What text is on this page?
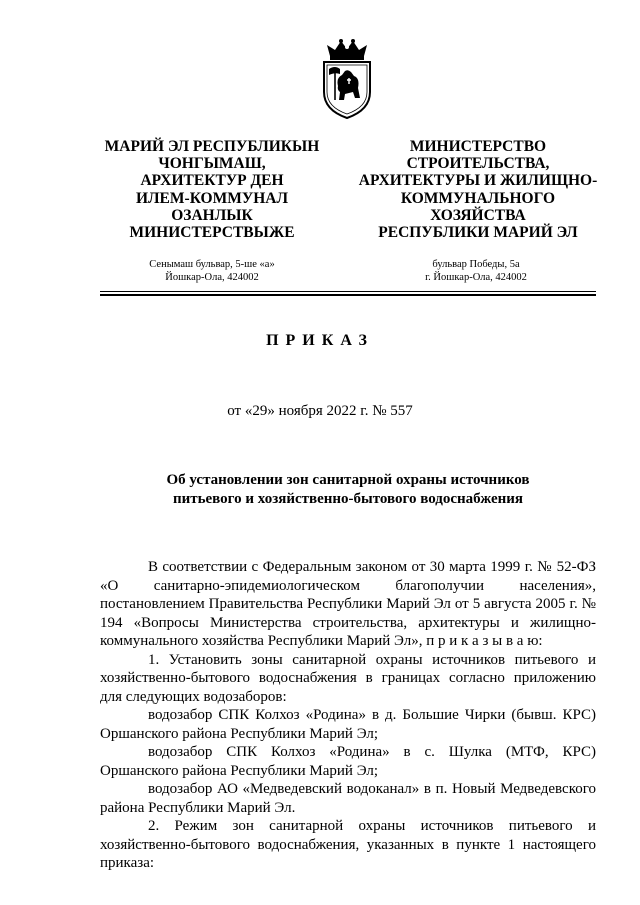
МАРИЙ ЭЛ РЕСПУБЛИКЫН
ЧОНГЫМАШ,
АРХИТЕКТУР ДЕН
ИЛЕМ-КОММУНАЛ
ОЗАНЛЫК
МИНИСТЕРСТВЫЖЕ
МИНИСТЕРСТВО
СТРОИТЕЛЬСТВА,
АРХИТЕКТУРЫ И ЖИЛИЩНО-
КОММУНАЛЬНОГО
ХОЗЯЙСТВА
РЕСПУБЛИКИ МАРИЙ ЭЛ
Сенымаш бульвар, 5-ше «а»
Йошкар-Ола, 424002
бульвар Победы, 5а
г. Йошкар-Ола, 424002
ПРИКАЗ
от «29» ноября 2022 г. № 557
Об установлении зон санитарной охраны источников
питьевого и хозяйственно-бытового водоснабжения

В соответствии с Федеральным законом от 30 марта 1999 г. № 52-ФЗ «О санитарно-эпидемиологическом благополучии населения», постановлением Правительства Республики Марий Эл от 5 августа 2005 г. № 194 «Вопросы Министерства строительства, архитектуры и жилищно-коммунального хозяйства Республики Марий Эл», п р и к а з ы в а ю:

1. Установить зоны санитарной охраны источников питьевого и хозяйственно-бытового водоснабжения в границах согласно приложению для следующих водозаборов:

водозабор СПК Колхоз «Родина» в д. Большие Чирки (бывш. КРС) Оршанского района Республики Марий Эл;

водозабор СПК Колхоз «Родина» в с. Шулка (МТФ, КРС) Оршанского района Республики Марий Эл;

водозабор АО «Медведевский водоканал» в п. Новый Медведевского района Республики Марий Эл.

2. Режим зон санитарной охраны источников питьевого и хозяйственно-бытового водоснабжения, указанных в пункте 1 настоящего приказа:
